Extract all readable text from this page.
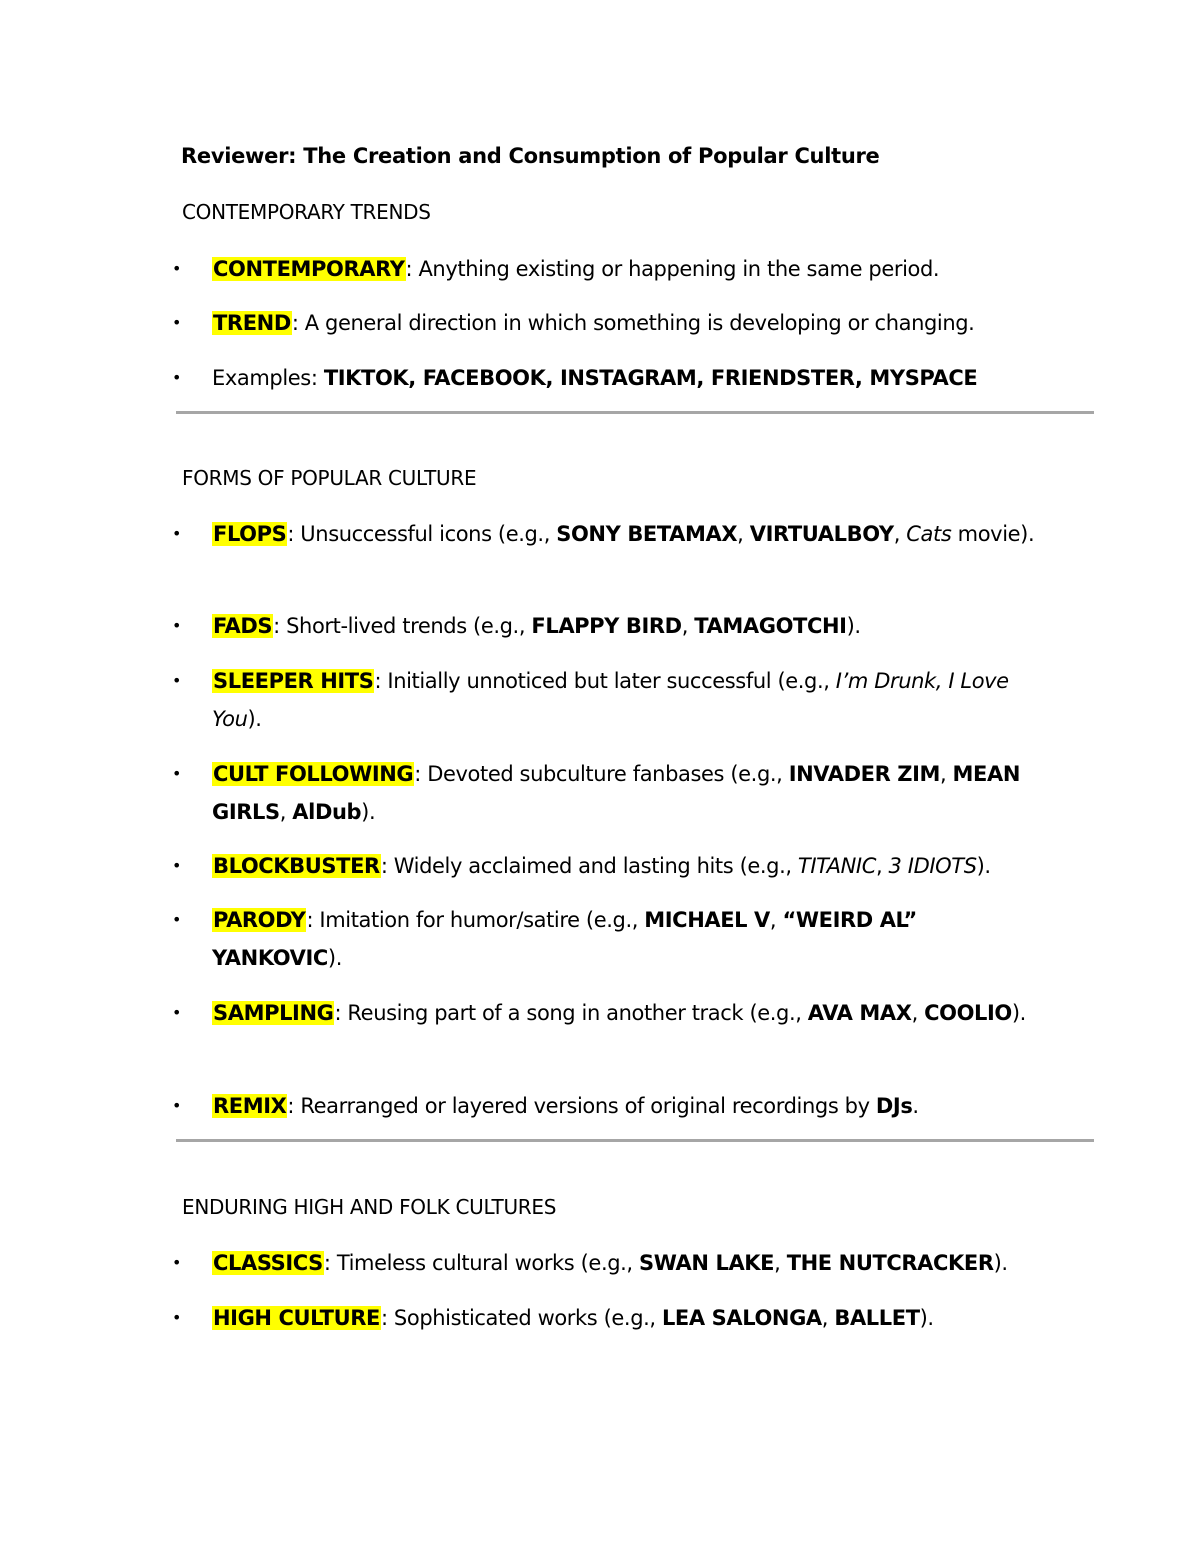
Reviewer: The Creation and Consumption of Popular Culture
CONTEMPORARY TRENDS
• CONTEMPORARY: Anything existing or happening in the same period.
• TREND: A general direction in which something is developing or changing.
• Examples: TIKTOK, FACEBOOK, INSTAGRAM, FRIENDSTER, MYSPACE
FORMS OF POPULAR CULTURE
• FLOPS: Unsuccessful icons (e.g., SONY BETAMAX, VIRTUALBOY, Cats movie).
• FADS: Short-lived trends (e.g., FLAPPY BIRD, TAMAGOTCHI).
• SLEEPER HITS: Initially unnoticed but later successful (e.g., I’m Drunk, I Love You).
• CULT FOLLOWING: Devoted subculture fanbases (e.g., INVADER ZIM, MEAN GIRLS, AlDub).
• BLOCKBUSTER: Widely acclaimed and lasting hits (e.g., TITANIC, 3 IDIOTS).
• PARODY: Imitation for humor/satire (e.g., MICHAEL V, “WEIRD AL” YANKOVIC).
• SAMPLING: Reusing part of a song in another track (e.g., AVA MAX, COOLIO).
• REMIX: Rearranged or layered versions of original recordings by DJs.
ENDURING HIGH AND FOLK CULTURES
• CLASSICS: Timeless cultural works (e.g., SWAN LAKE, THE NUTCRACKER).
• HIGH CULTURE: Sophisticated works (e.g., LEA SALONGA, BALLET).
